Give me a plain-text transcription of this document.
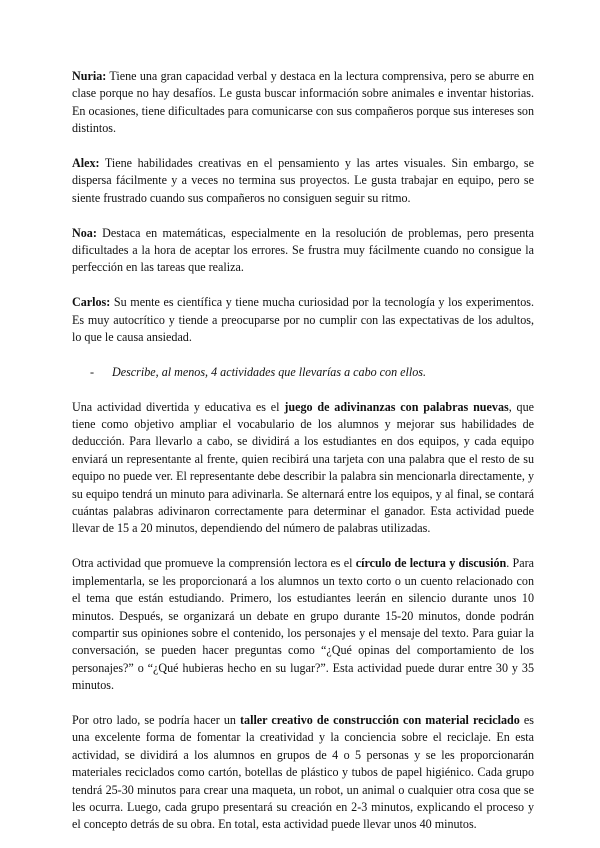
Nuria: Tiene una gran capacidad verbal y destaca en la lectura comprensiva, pero se aburre en clase porque no hay desafíos. Le gusta buscar información sobre animales e inventar historias. En ocasiones, tiene dificultades para comunicarse con sus compañeros porque sus intereses son distintos.

Alex: Tiene habilidades creativas en el pensamiento y las artes visuales. Sin embargo, se dispersa fácilmente y a veces no termina sus proyectos. Le gusta trabajar en equipo, pero se siente frustrado cuando sus compañeros no consiguen seguir su ritmo.

Noa: Destaca en matemáticas, especialmente en la resolución de problemas, pero presenta dificultades a la hora de aceptar los errores. Se frustra muy fácilmente cuando no consigue la perfección en las tareas que realiza.

Carlos: Su mente es científica y tiene mucha curiosidad por la tecnología y los experimentos. Es muy autocrítico y tiende a preocuparse por no cumplir con las expectativas de los adultos, lo que le causa ansiedad.

-	Describe, al menos, 4 actividades que llevarías a cabo con ellos.

Una actividad divertida y educativa es el juego de adivinanzas con palabras nuevas, que tiene como objetivo ampliar el vocabulario de los alumnos y mejorar sus habilidades de deducción. Para llevarlo a cabo, se dividirá a los estudiantes en dos equipos, y cada equipo enviará un representante al frente, quien recibirá una tarjeta con una palabra que el resto de su equipo no puede ver. El representante debe describir la palabra sin mencionarla directamente, y su equipo tendrá un minuto para adivinarla. Se alternará entre los equipos, y al final, se contará cuántas palabras adivinaron correctamente para determinar el ganador. Esta actividad puede llevar de 15 a 20 minutos, dependiendo del número de palabras utilizadas.

Otra actividad que promueve la comprensión lectora es el círculo de lectura y discusión. Para implementarla, se les proporcionará a los alumnos un texto corto o un cuento relacionado con el tema que están estudiando. Primero, los estudiantes leerán en silencio durante unos 10 minutos. Después, se organizará un debate en grupo durante 15-20 minutos, donde podrán compartir sus opiniones sobre el contenido, los personajes y el mensaje del texto. Para guiar la conversación, se pueden hacer preguntas como “¿Qué opinas del comportamiento de los personajes?” o “¿Qué hubieras hecho en su lugar?”. Esta actividad puede durar entre 30 y 35 minutos.

Por otro lado, se podría hacer un taller creativo de construcción con material reciclado es una excelente forma de fomentar la creatividad y la conciencia sobre el reciclaje. En esta actividad, se dividirá a los alumnos en grupos de 4 o 5 personas y se les proporcionarán materiales reciclados como cartón, botellas de plástico y tubos de papel higiénico. Cada grupo tendrá 25-30 minutos para crear una maqueta, un robot, un animal o cualquier otra cosa que se les ocurra. Luego, cada grupo presentará su creación en 2-3 minutos, explicando el proceso y el concepto detrás de su obra. En total, esta actividad puede llevar unos 40 minutos.
